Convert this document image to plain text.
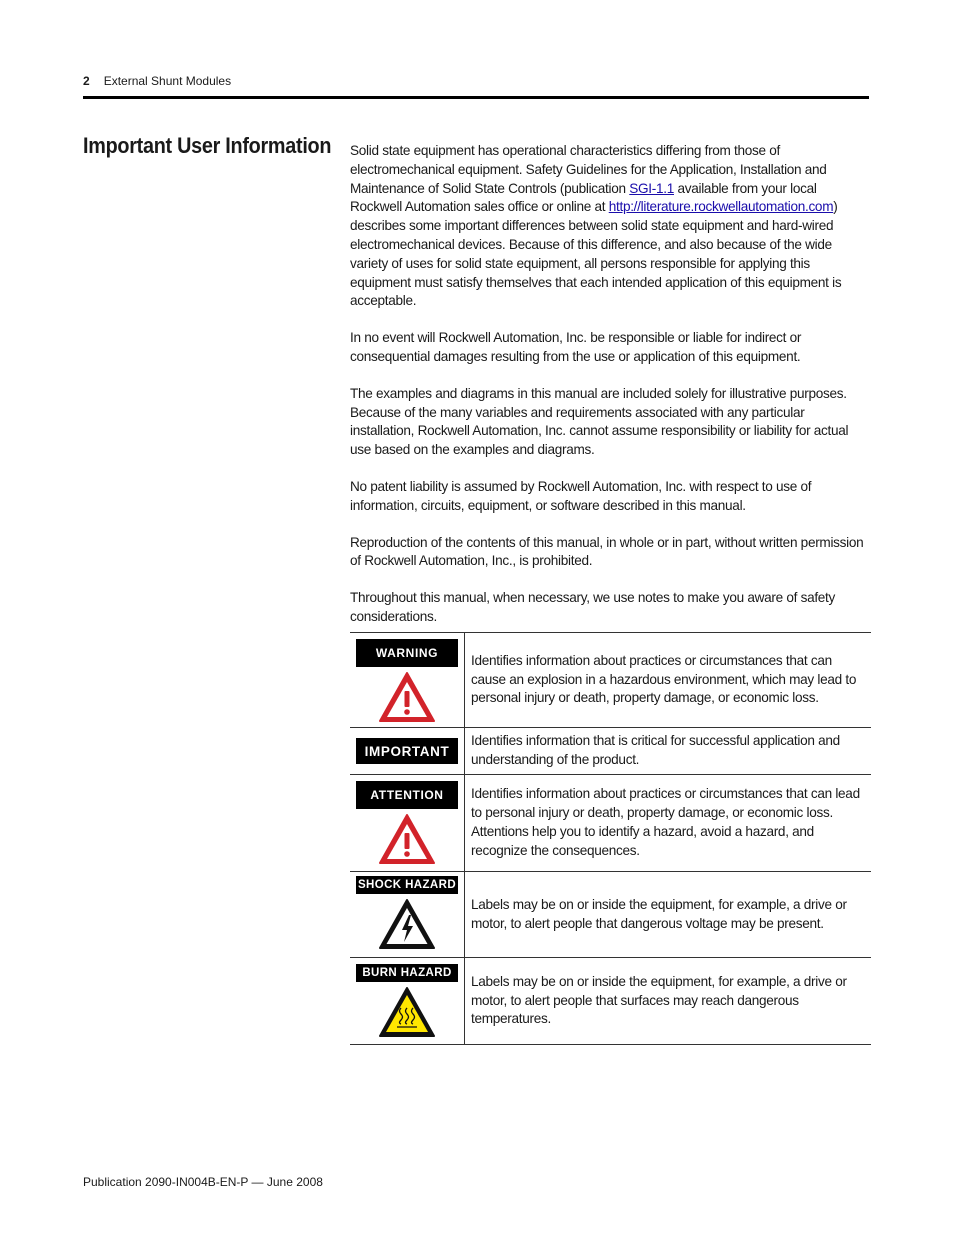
2 External Shunt Modules
Important User Information Solid state equipment has operational characteristics differing from those of electromechanical equipment. Safety Guidelines for the Application, Installation and Maintenance of Solid State Controls (publication SGI-1.1 available from your local Rockwell Automation sales office or online at http://literature.rockwellautomation.com) describes some important differences between solid state equipment and hard-wired electromechanical devices. Because of this difference, and also because of the wide variety of uses for solid state equipment, all persons responsible for applying this equipment must satisfy themselves that each intended application of this equipment is acceptable.

In no event will Rockwell Automation, Inc. be responsible or liable for indirect or consequential damages resulting from the use or application of this equipment.

The examples and diagrams in this manual are included solely for illustrative purposes. Because of the many variables and requirements associated with any particular installation, Rockwell Automation, Inc. cannot assume responsibility or liability for actual use based on the examples and diagrams.

No patent liability is assumed by Rockwell Automation, Inc. with respect to use of information, circuits, equipment, or software described in this manual.

Reproduction of the contents of this manual, in whole or in part, without written permission of Rockwell Automation, Inc., is prohibited.

Throughout this manual, when necessary, we use notes to make you aware of safety considerations.

WARNING	Identifies information about practices or circumstances that can cause an explosion in a hazardous environment, which may lead to personal injury or death, property damage, or economic loss.
IMPORTANT
Identifies information that is critical for successful application and understanding of the product.
ATTENTION	Identifies information about practices or circumstances that can lead to personal injury or death, property damage, or economic loss. Attentions help you to identify a hazard, avoid a hazard, and recognize the consequences.
SHOCK HAZARD
Labels may be on or inside the equipment, for example, a drive or motor, to alert people that dangerous voltage may be present.
BURN HAZARD
Labels may be on or inside the equipment, for example, a drive or motor, to alert people that surfaces may reach dangerous temperatures.
Publication 2090-IN004B-EN-P — June 2008
